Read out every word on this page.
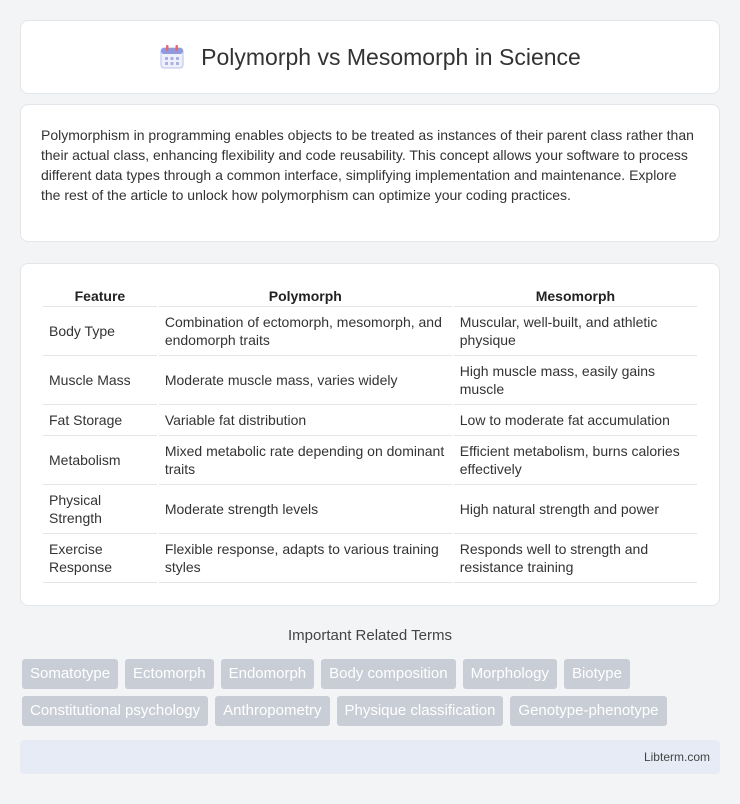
Polymorph vs Mesomorph in Science

Polymorphism in programming enables objects to be treated as instances of their parent class rather than their actual class, enhancing flexibility and code reusability. This concept allows your software to process different data types through a common interface, simplifying implementation and maintenance. Explore the rest of the article to unlock how polymorphism can optimize your coding practices.

Feature	Polymorph	Mesomorph
Body Type	Combination of ectomorph, mesomorph, and endomorph traits	Muscular, well-built, and athletic physique
Muscle Mass	Moderate muscle mass, varies widely	High muscle mass, easily gains muscle
Fat Storage	Variable fat distribution	Low to moderate fat accumulation
Metabolism	Mixed metabolic rate depending on dominant traits	Efficient metabolism, burns calories effectively
Physical Strength	Moderate strength levels	High natural strength and power
Exercise Response	Flexible response, adapts to various training styles	Responds well to strength and resistance training
Important Related Terms
Somatotype	Ectomorph	Endomorph	Body composition	Morphology	Biotype
Constitutional psychology	Anthropometry	Physique classification	Genotype-phenotype
Libterm.com
